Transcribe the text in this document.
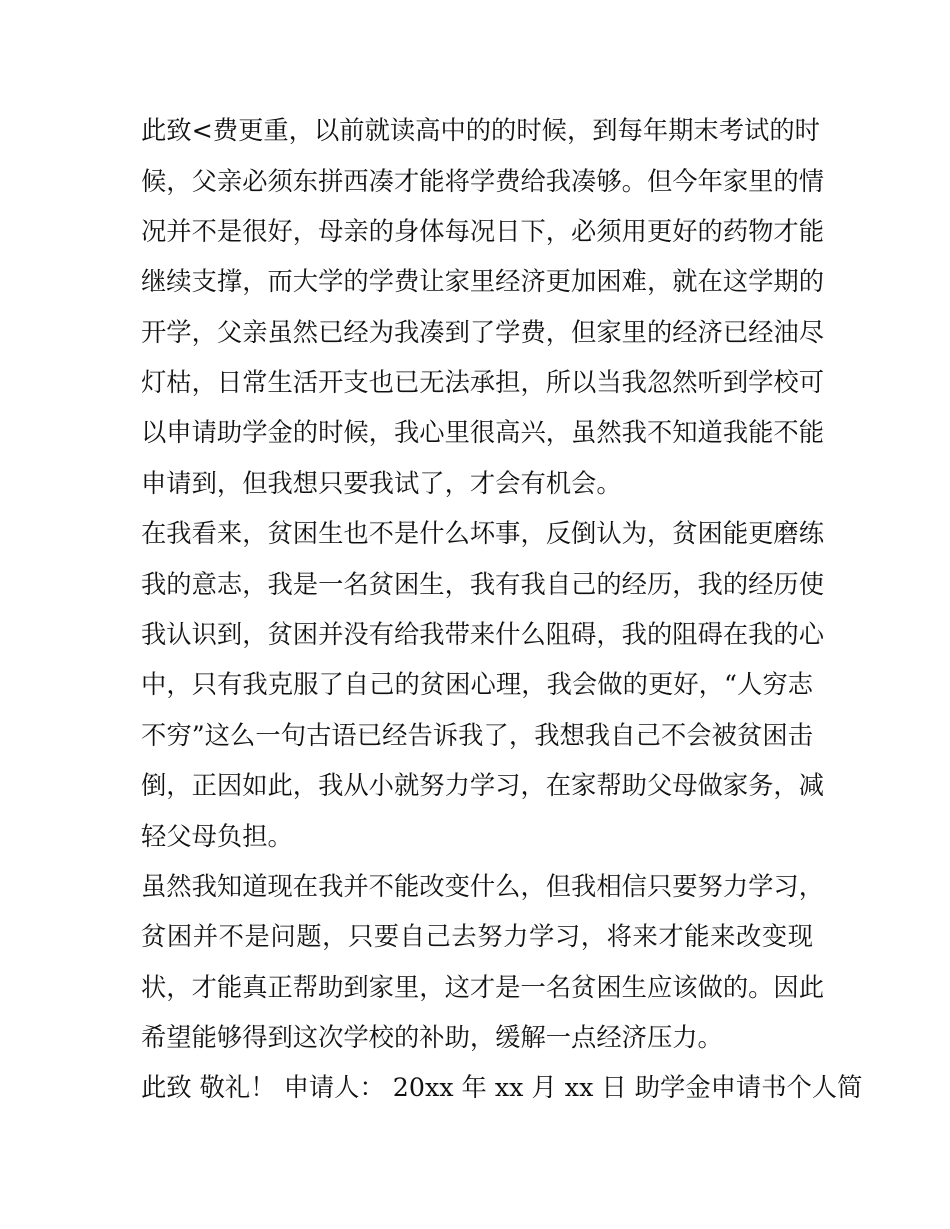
此致<费更重，以前就读高中的的时候，到每年期末考试的时
候，父亲必须东拼西凑才能将学费给我凑够。但今年家里的情
况并不是很好，母亲的身体每况日下，必须用更好的药物才能
继续支撑，而大学的学费让家里经济更加困难，就在这学期的
开学，父亲虽然已经为我凑到了学费，但家里的经济已经油尽
灯枯，日常生活开支也已无法承担，所以当我忽然听到学校可
以申请助学金的时候，我心里很高兴，虽然我不知道我能不能
申请到，但我想只要我试了，才会有机会。
在我看来，贫困生也不是什么坏事，反倒认为，贫困能更磨练
我的意志，我是一名贫困生，我有我自己的经历，我的经历使
我认识到，贫困并没有给我带来什么阻碍，我的阻碍在我的心
中，只有我克服了自己的贫困心理，我会做的更好，“人穷志
不穷”这么一句古语已经告诉我了，我想我自己不会被贫困击
倒，正因如此，我从小就努力学习，在家帮助父母做家务，减
轻父母负担。
虽然我知道现在我并不能改变什么，但我相信只要努力学习，
贫困并不是问题，只要自己去努力学习，将来才能来改变现
状，才能真正帮助到家里，这才是一名贫困生应该做的。因此
希望能够得到这次学校的补助，缓解一点经济压力。
此致 敬礼！ 申请人： 20xx 年 xx 月 xx 日 助学金申请书个人简
